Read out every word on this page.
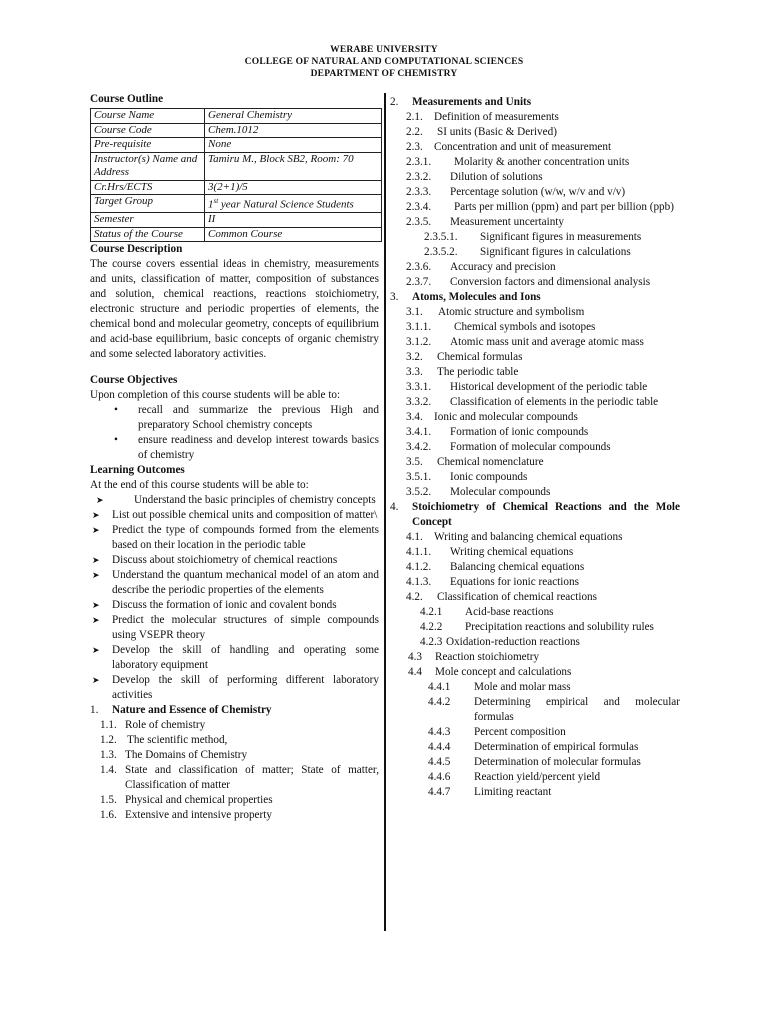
WERABE UNIVERSITY
COLLEGE OF NATURAL AND COMPUTATIONAL SCIENCES
DEPARTMENT OF CHEMISTRY
Course Outline
Course Name	General Chemistry
Course Code	Chem.1012
Pre-requisite	None
Instructor(s) Name and Address	Tamiru M., Block SB2, Room: 70
Cr.Hrs/ECTS	3(2+1)/5
Target Group	1st year Natural Science Students
Semester	II
Status of the Course	Common Course
Course Description
The course covers essential ideas in chemistry, measurements and units, classification of matter, composition of substances and solution, chemical reactions, reactions stoichiometry, electronic structure and periodic properties of elements, the chemical bond and molecular geometry, concepts of equilibrium and acid-base equilibrium, basic concepts of organic chemistry and some selected laboratory activities.
Course Objectives
Upon completion of this course students will be able to:
• recall and summarize the previous High and preparatory School chemistry concepts
• ensure readiness and develop interest towards basics of chemistry
Learning Outcomes
At the end of this course students will be able to:
➤	Understand the basic principles of chemistry concepts
➤ List out possible chemical units and composition of matter\
➤ Predict the type of compounds formed from the elements based on their location in the periodic table
➤ Discuss about stoichiometry of chemical reactions
➤ Understand the quantum mechanical model of an atom and describe the periodic properties of the elements
➤ Discuss the formation of ionic and covalent bonds
➤ Predict the molecular structures of simple compounds using VSEPR theory
➤ Develop the skill of handling and operating some laboratory equipment
➤ Develop the skill of performing different laboratory activities
1. Nature and Essence of Chemistry
1.1. Role of chemistry
1.2. The scientific method,
1.3. The Domains of Chemistry
1.4. State and classification of matter; State of matter, Classification of matter
1.5. Physical and chemical properties
1.6. Extensive and intensive property
2. Measurements and Units
2.1. Definition of measurements
2.2. SI units (Basic & Derived)
2.3. Concentration and unit of measurement
2.3.1. Molarity & another concentration units
2.3.2. Dilution of solutions
2.3.3. Percentage solution (w/w, w/v and v/v)
2.3.4. Parts per million (ppm) and part per billion (ppb)
2.3.5. Measurement uncertainty
2.3.5.1. Significant figures in measurements
2.3.5.2. Significant figures in calculations
2.3.6. Accuracy and precision
2.3.7. Conversion factors and dimensional analysis
3. Atoms, Molecules and Ions
3.1. Atomic structure and symbolism
3.1.1. Chemical symbols and isotopes
3.1.2. Atomic mass unit and average atomic mass
3.2. Chemical formulas
3.3. The periodic table
3.3.1. Historical development of the periodic table
3.3.2. Classification of elements in the periodic table
3.4. Ionic and molecular compounds
3.4.1. Formation of ionic compounds
3.4.2. Formation of molecular compounds
3.5. Chemical nomenclature
3.5.1. Ionic compounds
3.5.2. Molecular compounds
4. Stoichiometry of Chemical Reactions and the Mole Concept
4.1. Writing and balancing chemical equations
4.1.1. Writing chemical equations
4.1.2. Balancing chemical equations
4.1.3. Equations for ionic reactions
4.2. Classification of chemical reactions
4.2.1 Acid-base reactions
4.2.2 Precipitation reactions and solubility rules
4.2.3 Oxidation-reduction reactions
4.3 Reaction stoichiometry
4.4 Mole concept and calculations
4.4.1 Mole and molar mass
4.4.2 Determining empirical and molecular formulas
4.4.3 Percent composition
4.4.4 Determination of empirical formulas
4.4.5 Determination of molecular formulas
4.4.6 Reaction yield/percent yield
4.4.7 Limiting reactant
